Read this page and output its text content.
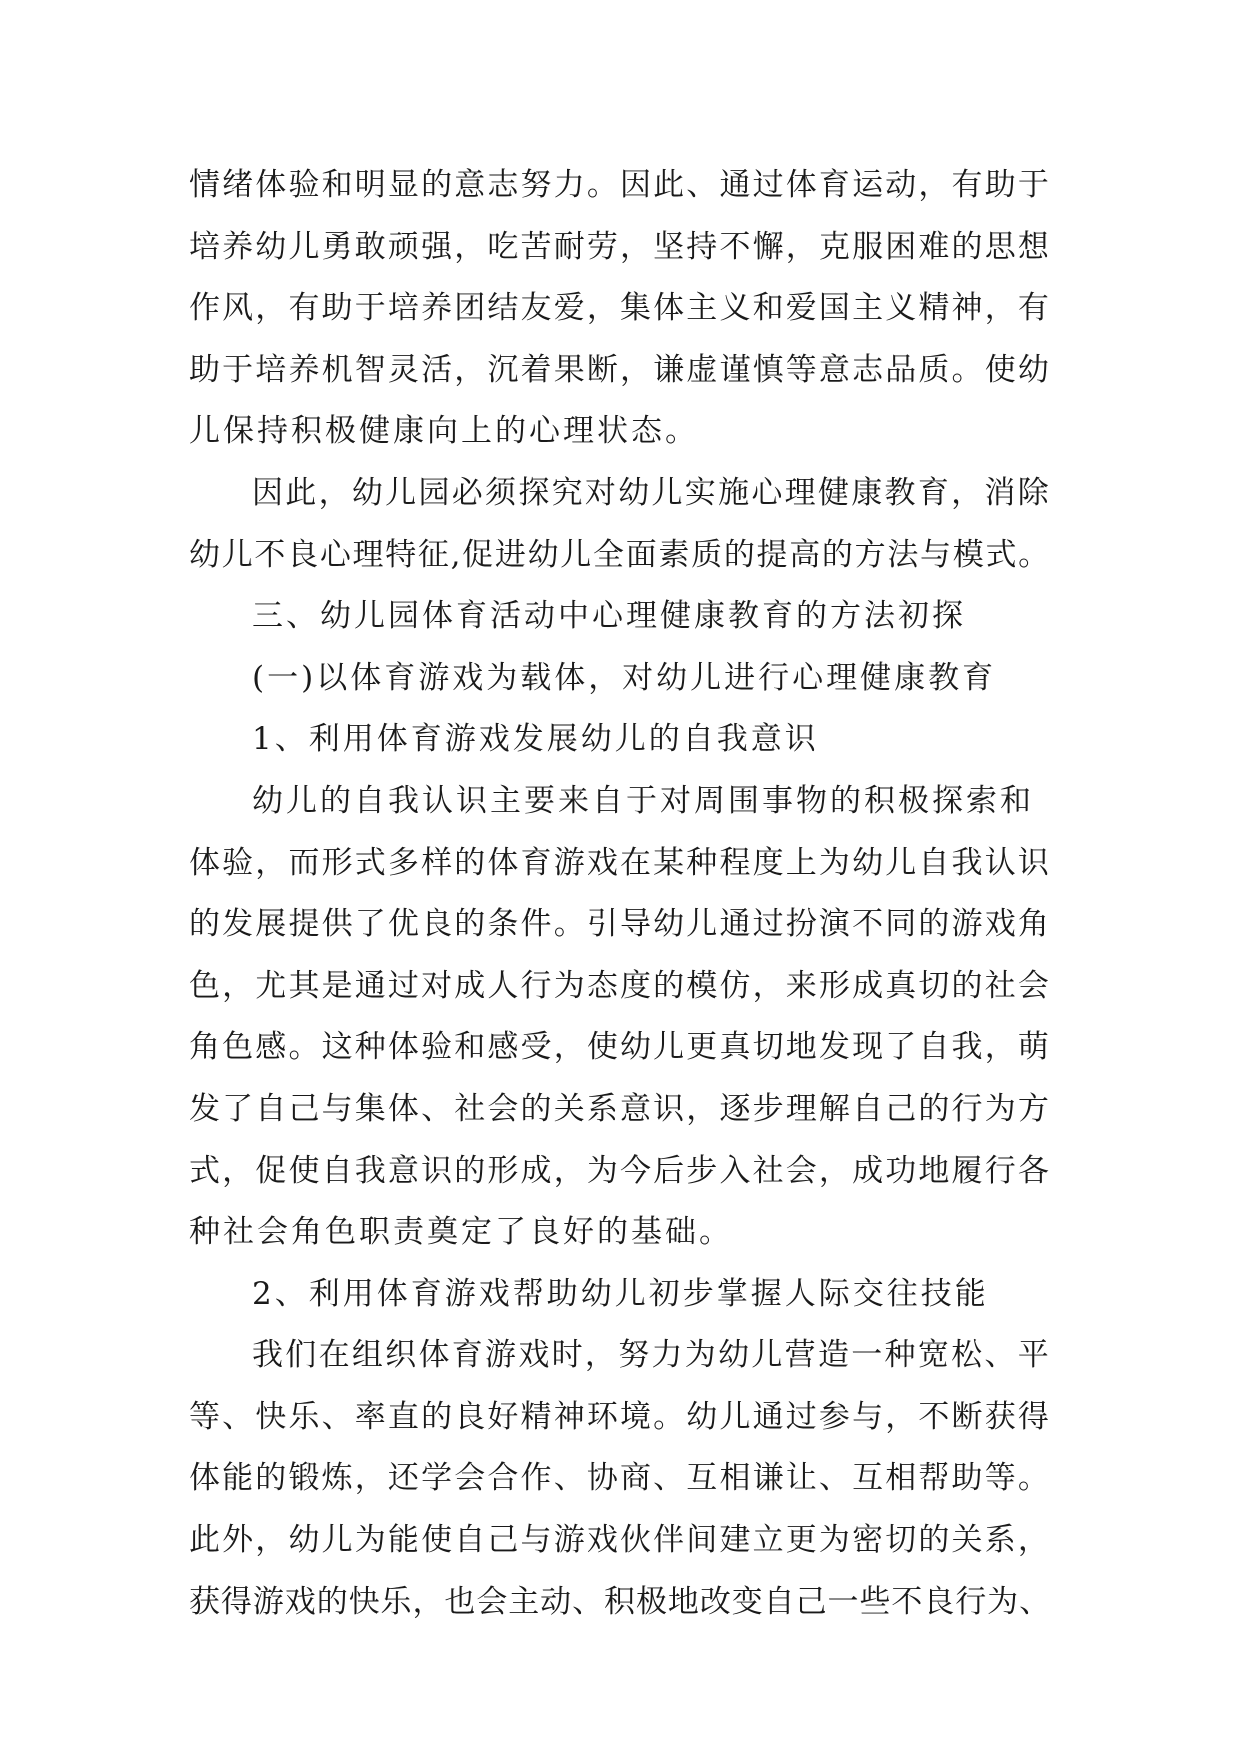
情绪体验和明显的意志努力。因此、通过体育运动，有助于
培养幼儿勇敢顽强，吃苦耐劳，坚持不懈，克服困难的思想
作风，有助于培养团结友爱，集体主义和爱国主义精神，有
助于培养机智灵活，沉着果断，谦虚谨慎等意志品质。使幼
儿保持积极健康向上的心理状态。
因此，幼儿园必须探究对幼儿实施心理健康教育，消除
幼儿不良心理特征,促进幼儿全面素质的提高的方法与模式。
三、幼儿园体育活动中心理健康教育的方法初探
(一)以体育游戏为载体，对幼儿进行心理健康教育
1、利用体育游戏发展幼儿的自我意识
幼儿的自我认识主要来自于对周围事物的积极探索和
体验，而形式多样的体育游戏在某种程度上为幼儿自我认识
的发展提供了优良的条件。引导幼儿通过扮演不同的游戏角
色，尤其是通过对成人行为态度的模仿，来形成真切的社会
角色感。这种体验和感受，使幼儿更真切地发现了自我，萌
发了自己与集体、社会的关系意识，逐步理解自己的行为方
式，促使自我意识的形成，为今后步入社会，成功地履行各
种社会角色职责奠定了良好的基础。
2、利用体育游戏帮助幼儿初步掌握人际交往技能
我们在组织体育游戏时，努力为幼儿营造一种宽松、平
等、快乐、率直的良好精神环境。幼儿通过参与，不断获得
体能的锻炼，还学会合作、协商、互相谦让、互相帮助等。
此外，幼儿为能使自己与游戏伙伴间建立更为密切的关系，
获得游戏的快乐，也会主动、积极地改变自己一些不良行为、
